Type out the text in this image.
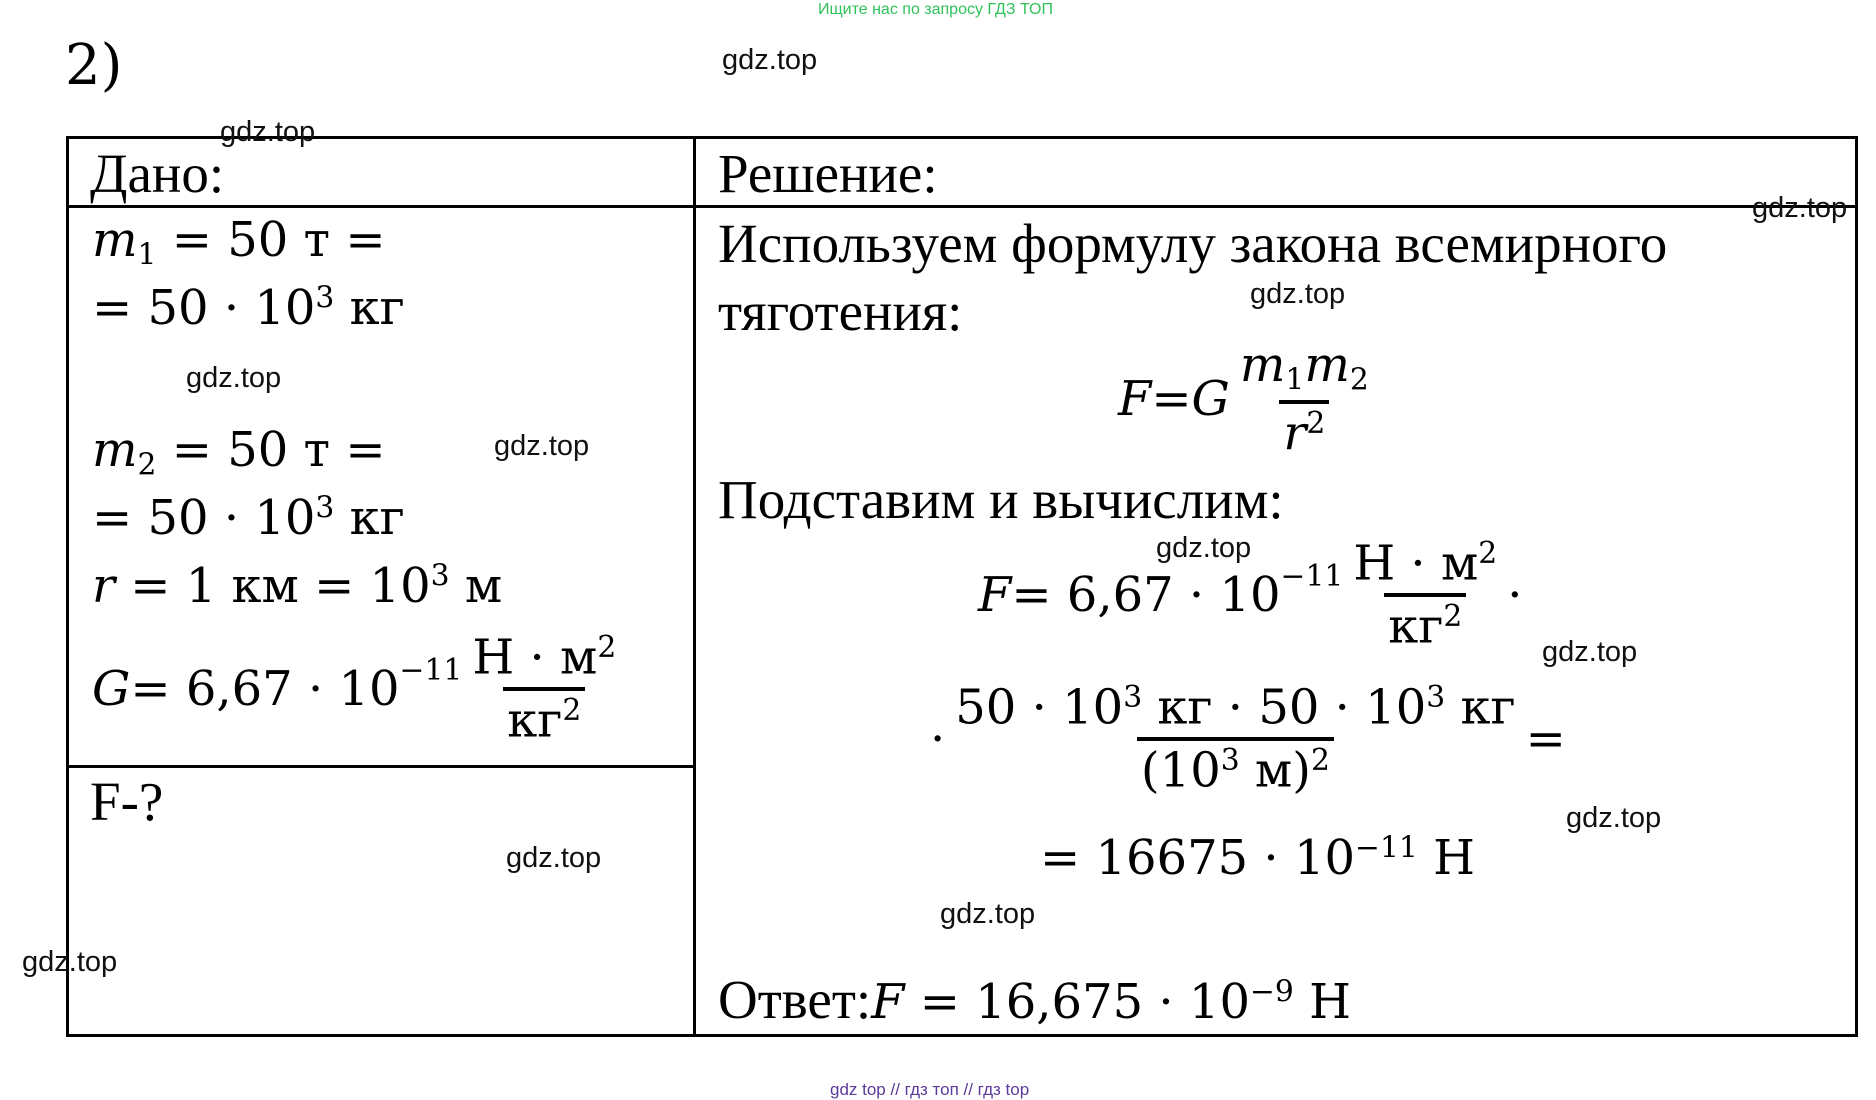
Ищите нас по запросу ГДЗ ТОП
2)
Дано:	Решение:
$m_1 = 50$ т =
= $50 \cdot 10^3$ кг
$m_2 = 50$ т =
= $50 \cdot 10^3$ кг
r = 1 км = $10^3$ м
$G = 6,67 \cdot 10^{-11} \frac{Н \cdot м^2}{кг^2}$
F-?
Используем формулу закона всемирного
тяготения:
F = G $\frac{m_1m_2}{r^2}$
Подставим и вычислим:
$F = 6,67 \cdot 10^{-11} \frac{Н \cdot м^2}{кг^2}$ ·
· $\frac{50 \cdot 10^3 кг \cdot 50 \cdot 10^3 кг}{(10^3 м)^2}$ =
= $16675 \cdot 10^{-11}$ Н
Ответ:F = $16,675 \cdot 10^{-9}$ Н
gdz.top
gdz.top
gdz.top
gdz.top
gdz.top
gdz.top
gdz.top
gdz.top
gdz.top
gdz.top
gdz.top
gdz.top
gdz top // гдз топ // гдз top
